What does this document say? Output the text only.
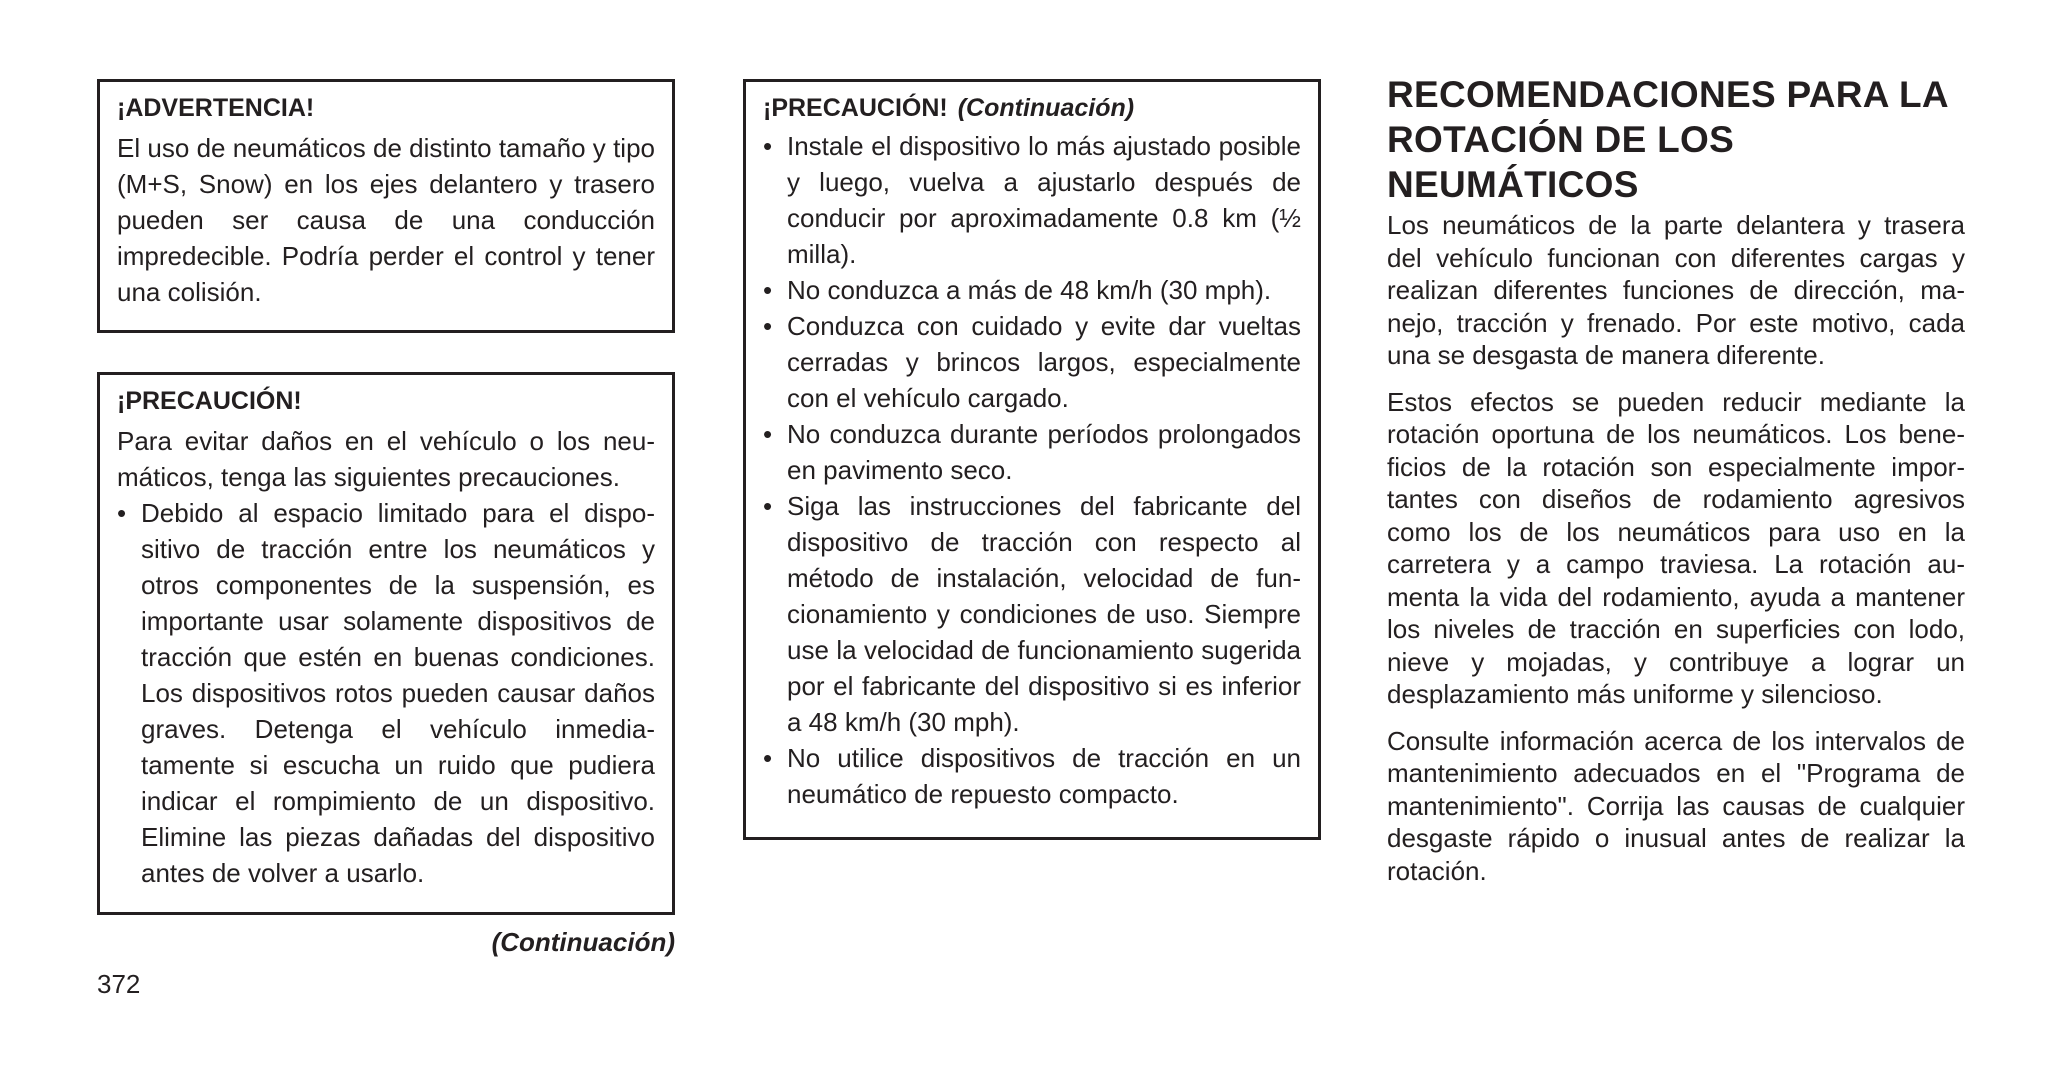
¡ADVERTENCIA!

El uso de neumáticos de distinto tamaño y tipo (M+S, Snow) en los ejes delantero y trasero pueden ser causa de una conducción impredecible. Podría perder el control y tener una colisión.

¡PRECAUCIÓN!

Para evitar daños en el vehículo o los neumáticos, tenga las siguientes precauciones.

• Debido al espacio limitado para el dispositivo de tracción entre los neumáticos y otros componentes de la suspensión, es importante usar solamente dispositivos de tracción que estén en buenas condiciones. Los dispositivos rotos pueden causar daños graves. Detenga el vehículo inmediatamente si escucha un ruido que pudiera indicar el rompimiento de un dispositivo. Elimine las piezas dañadas del dispositivo antes de volver a usarlo.
(Continuación)
372

¡PRECAUCIÓN! (Continuación)

• Instale el dispositivo lo más ajustado posible y luego, vuelva a ajustarlo después de conducir por aproximadamente 0.8 km (½ milla).
• No conduzca a más de 48 km/h (30 mph).
• Conduzca con cuidado y evite dar vueltas cerradas y brincos largos, especialmente con el vehículo cargado.
• No conduzca durante períodos prolongados en pavimento seco.
• Siga las instrucciones del fabricante del dispositivo de tracción con respecto al método de instalación, velocidad de funcionamiento y condiciones de uso. Siempre use la velocidad de funcionamiento sugerida por el fabricante del dispositivo si es inferior a 48 km/h (30 mph).
• No utilice dispositivos de tracción en un neumático de repuesto compacto.
RECOMENDACIONES PARA LA ROTACIÓN DE LOS NEUMÁTICOS

Los neumáticos de la parte delantera y trasera del vehículo funcionan con diferentes cargas y realizan diferentes funciones de dirección, manejo, tracción y frenado. Por este motivo, cada una se desgasta de manera diferente.

Estos efectos se pueden reducir mediante la rotación oportuna de los neumáticos. Los beneficios de la rotación son especialmente importantes con diseños de rodamiento agresivos como los de los neumáticos para uso en la carretera y a campo traviesa. La rotación aumenta la vida del rodamiento, ayuda a mantener los niveles de tracción en superficies con lodo, nieve y mojadas, y contribuye a lograr un desplazamiento más uniforme y silencioso.

Consulte información acerca de los intervalos de mantenimiento adecuados en el "Programa de mantenimiento". Corrija las causas de cualquier desgaste rápido o inusual antes de realizar la rotación.
